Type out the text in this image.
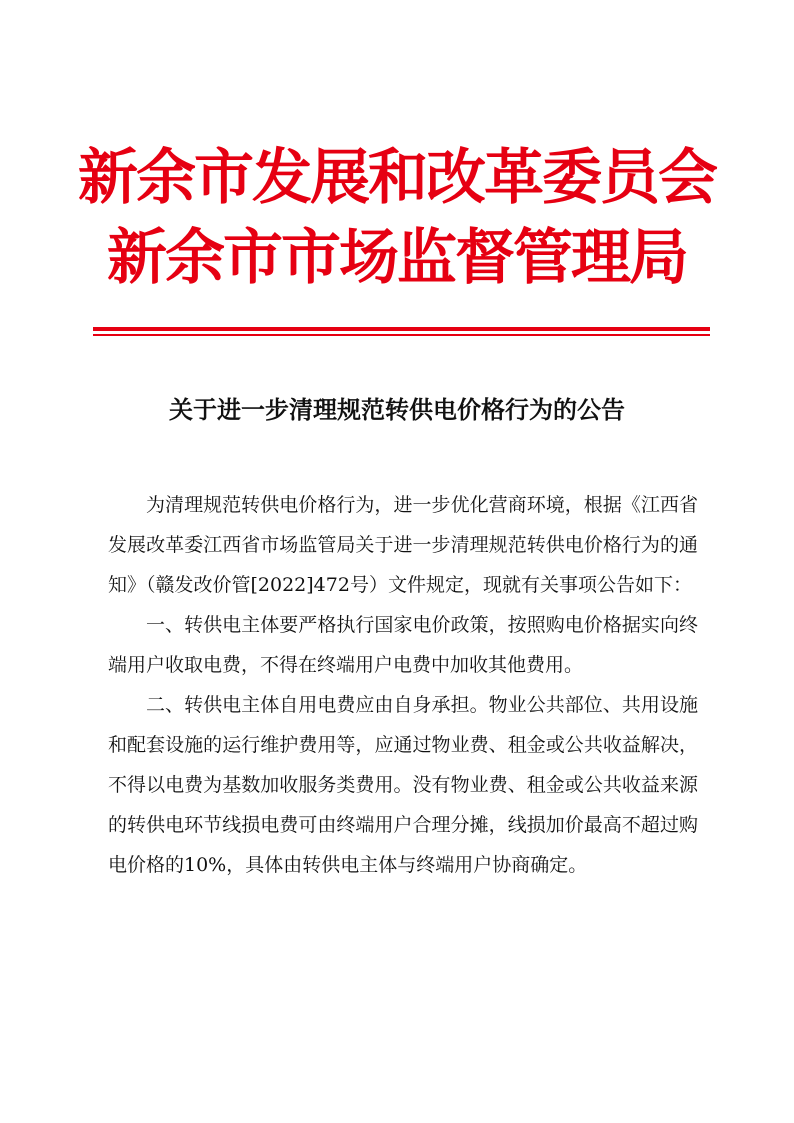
新余市发展和改革委员会
新余市市场监督管理局
关于进一步清理规范转供电价格行为的公告

为清理规范转供电价格行为，进一步优化营商环境，根据《江西省发展改革委江西省市场监管局关于进一步清理规范转供电价格行为的通知》（赣发改价管[2022]472号）文件规定，现就有关事项公告如下：

一、转供电主体要严格执行国家电价政策，按照购电价格据实向终端用户收取电费，不得在终端用户电费中加收其他费用。

二、转供电主体自用电费应由自身承担。物业公共部位、共用设施和配套设施的运行维护费用等，应通过物业费、租金或公共收益解决，不得以电费为基数加收服务类费用。没有物业费、租金或公共收益来源的转供电环节线损电费可由终端用户合理分摊，线损加价最高不超过购电价格的10%，具体由转供电主体与终端用户协商确定。
